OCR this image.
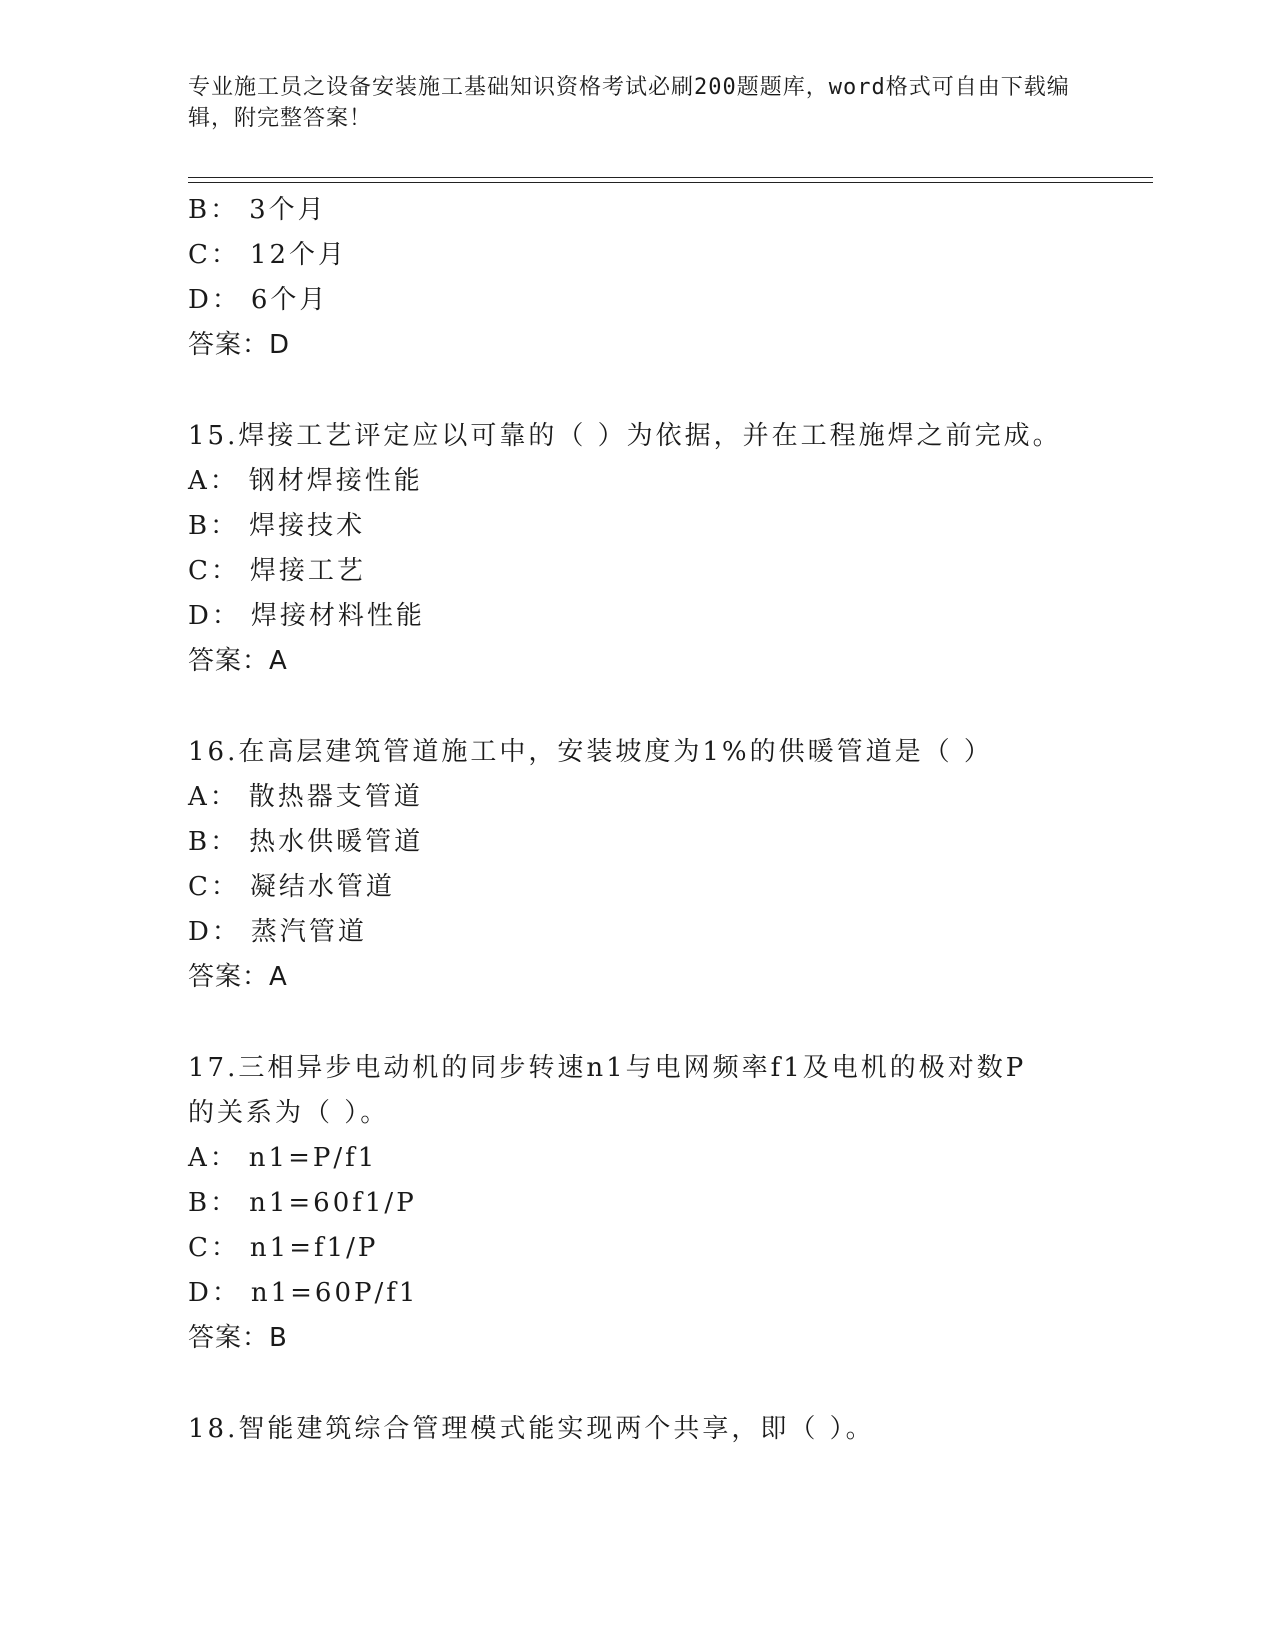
专业施工员之设备安装施工基础知识资格考试必刷200题题库，word格式可自由下载编辑，附完整答案！
B： 3个月
C： 12个月
D： 6个月
答案：D
15.焊接工艺评定应以可靠的（ ）为依据，并在工程施焊之前完成。
A： 钢材焊接性能
B： 焊接技术
C： 焊接工艺
D： 焊接材料性能
答案：A
16.在高层建筑管道施工中，安装坡度为1%的供暖管道是（ ）
A： 散热器支管道
B： 热水供暖管道
C： 凝结水管道
D： 蒸汽管道
答案：A
17.三相异步电动机的同步转速n1与电网频率f1及电机的极对数P的关系为（ ）。
A： n1=P/f1
B： n1=60f1/P
C： n1=f1/P
D： n1=60P/f1
答案：B
18.智能建筑综合管理模式能实现两个共享，即（ ）。
